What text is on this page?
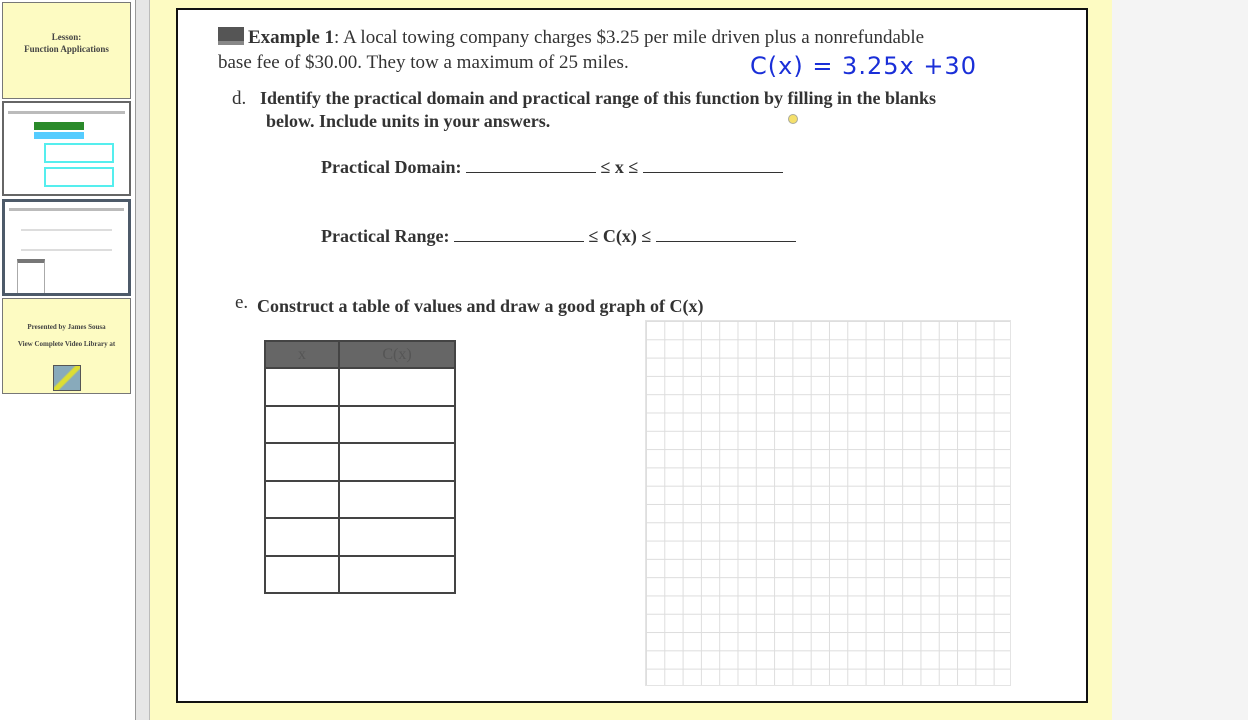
Lesson:
Function Applications
Presented by James Sousa
View Complete Video Library at
Example 1: A local towing company charges $3.25 per mile driven plus a nonrefundable
base fee of $30.00. They tow a maximum of 25 miles.	C(x) = 3.25x +30
d. Identify the practical domain and practical range of this function by filling in the blanks
below. Include units in your answers.
Practical Domain:	≤ x ≤
Practical Range:	≤ C(x) ≤
e. Construct a table of values and draw a good graph of C(x)
x	C(x)
